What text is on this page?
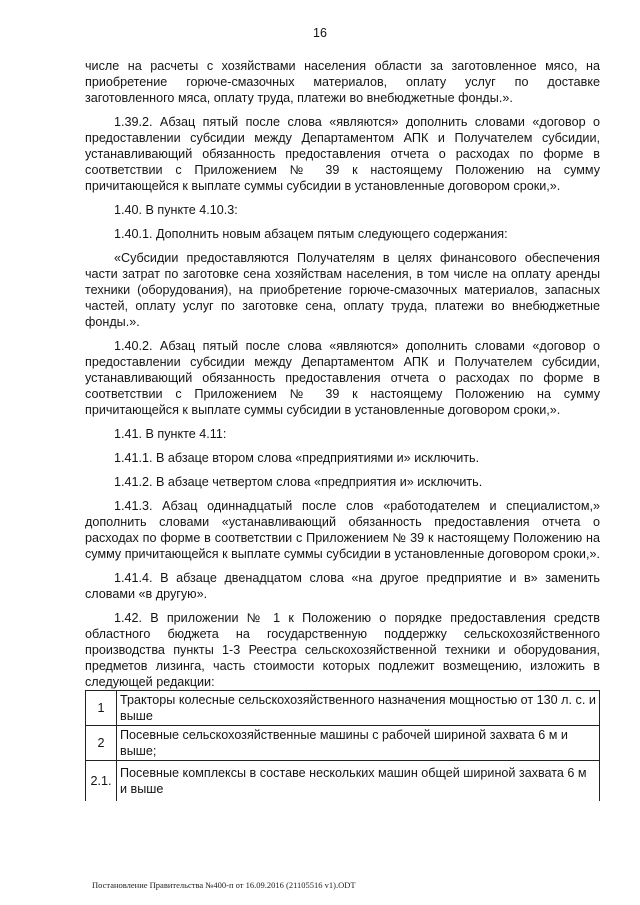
16

числе на расчеты с хозяйствами населения области за заготовленное мясо, на приобретение горюче-смазочных материалов, оплату услуг по доставке заготовленного мяса, оплату труда, платежи во внебюджетные фонды.».

1.39.2. Абзац пятый после слова «являются» дополнить словами «договор о предоставлении субсидии между Департаментом АПК и Получателем субсидии, устанавливающий обязанность предоставления отчета о расходах по форме в соответствии с Приложением № 39 к настоящему Положению на сумму причитающейся к выплате суммы субсидии в установленные договором сроки,».

1.40. В пункте 4.10.3:

1.40.1. Дополнить новым абзацем пятым следующего содержания:

«Субсидии предоставляются Получателям в целях финансового обеспечения части затрат по заготовке сена хозяйствам населения, в том числе на оплату аренды техники (оборудования), на приобретение горюче-смазочных материалов, запасных частей, оплату услуг по заготовке сена, оплату труда, платежи во внебюджетные фонды.».

1.40.2. Абзац пятый после слова «являются» дополнить словами «договор о предоставлении субсидии между Департаментом АПК и Получателем субсидии, устанавливающий обязанность предоставления отчета о расходах по форме в соответствии с Приложением № 39 к настоящему Положению на сумму причитающейся к выплате суммы субсидии в установленные договором сроки,».

1.41. В пункте 4.11:

1.41.1. В абзаце втором слова «предприятиями и» исключить.

1.41.2. В абзаце четвертом слова «предприятия и» исключить.

1.41.3. Абзац одиннадцатый после слов «работодателем и специалистом,» дополнить словами «устанавливающий обязанность предоставления отчета о расходах по форме в соответствии с Приложением № 39 к настоящему Положению на сумму причитающейся к выплате суммы субсидии в установленные договором сроки,».

1.41.4. В абзаце двенадцатом слова «на другое предприятие и в» заменить словами «в другую».

1.42. В приложении № 1 к Положению о порядке предоставления средств областного бюджета на государственную поддержку сельскохозяйственного производства пункты 1-3 Реестра сельскохозяйственной техники и оборудования, предметов лизинга, часть стоимости которых подлежит возмещению, изложить в следующей редакции:

1	Тракторы колесные сельскохозяйственного назначения мощностью от 130 л. с. и выше
2	Посевные сельскохозяйственные машины с рабочей шириной захвата 6 м и выше;
2.1.	Посевные комплексы в составе нескольких машин общей шириной захвата 6 м и выше
Постановление Правительства №400-п от 16.09.2016 (21105516 v1).ODT
